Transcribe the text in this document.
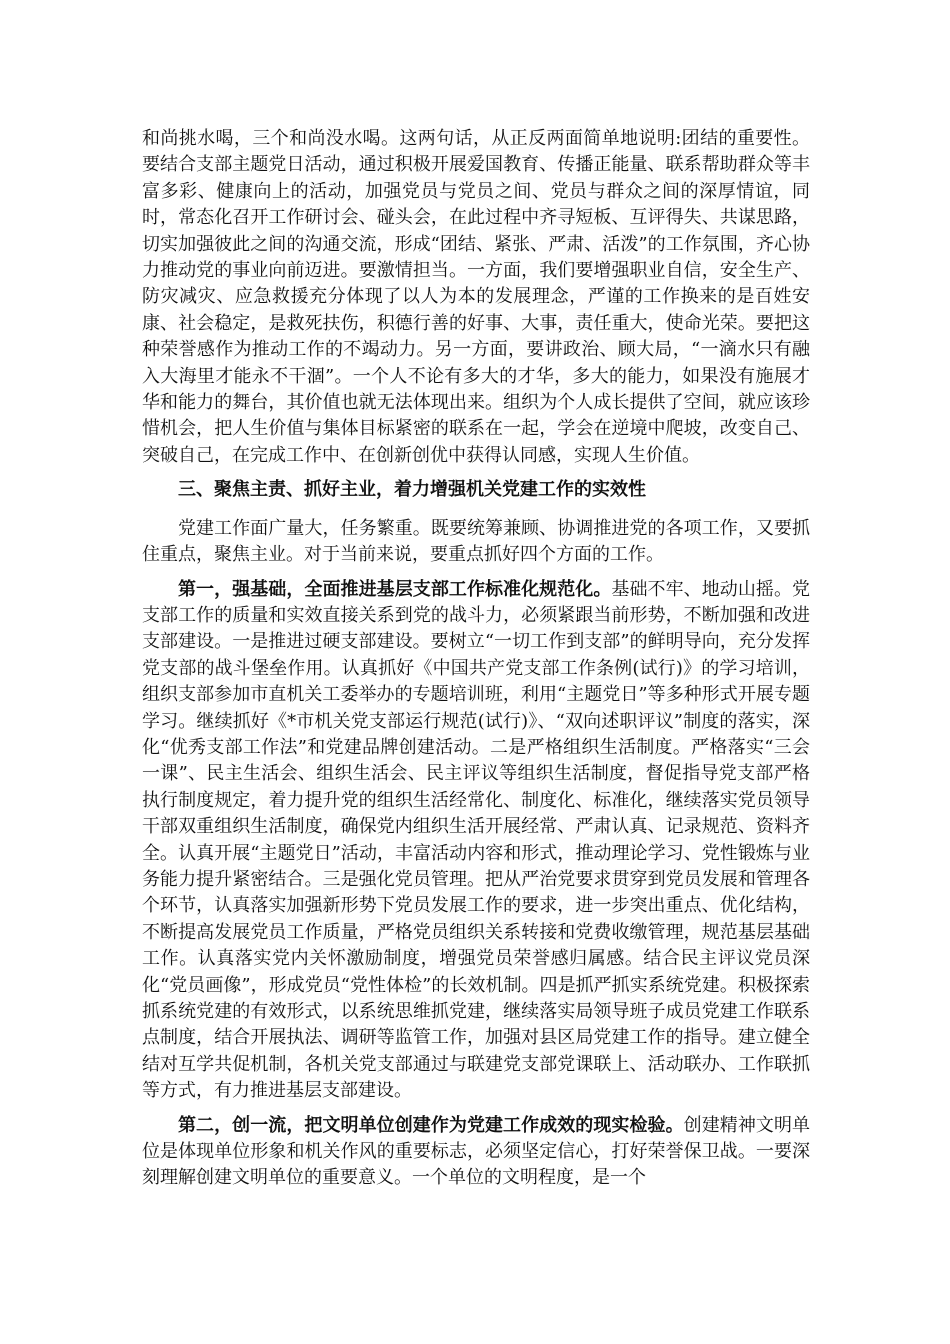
和尚挑水喝，三个和尚没水喝。这两句话，从正反两面简单地说明:团结的重要性。要结合支部主题党日活动，通过积极开展爱国教育、传播正能量、联系帮助群众等丰富多彩、健康向上的活动，加强党员与党员之间、党员与群众之间的深厚情谊，同时，常态化召开工作研讨会、碰头会，在此过程中齐寻短板、互评得失、共谋思路，切实加强彼此之间的沟通交流，形成“团结、紧张、严肃、活泼”的工作氛围，齐心协力推动党的事业向前迈进。要激情担当。一方面，我们要增强职业自信，安全生产、防灾减灾、应急救援充分体现了以人为本的发展理念，严谨的工作换来的是百姓安康、社会稳定，是救死扶伤，积德行善的好事、大事，责任重大，使命光荣。要把这种荣誉感作为推动工作的不竭动力。另一方面，要讲政治、顾大局，“一滴水只有融入大海里才能永不干涸”。一个人不论有多大的才华，多大的能力，如果没有施展才华和能力的舞台，其价值也就无法体现出来。组织为个人成长提供了空间，就应该珍惜机会，把人生价值与集体目标紧密的联系在一起，学会在逆境中爬坡，改变自己、突破自己，在完成工作中、在创新创优中获得认同感，实现人生价值。

三、聚焦主责、抓好主业，着力增强机关党建工作的实效性

党建工作面广量大，任务繁重。既要统筹兼顾、协调推进党的各项工作，又要抓住重点，聚焦主业。对于当前来说，要重点抓好四个方面的工作。

第一，强基础，全面推进基层支部工作标准化规范化。基础不牢、地动山摇。党支部工作的质量和实效直接关系到党的战斗力，必须紧跟当前形势，不断加强和改进支部建设。一是推进过硬支部建设。要树立“一切工作到支部”的鲜明导向，充分发挥党支部的战斗堡垒作用。认真抓好《中国共产党支部工作条例(试行)》的学习培训，组织支部参加市直机关工委举办的专题培训班，利用“主题党日”等多种形式开展专题学习。继续抓好《*市机关党支部运行规范(试行)》、“双向述职评议”制度的落实，深化“优秀支部工作法”和党建品牌创建活动。二是严格组织生活制度。严格落实“三会一课”、民主生活会、组织生活会、民主评议等组织生活制度，督促指导党支部严格执行制度规定，着力提升党的组织生活经常化、制度化、标准化，继续落实党员领导干部双重组织生活制度，确保党内组织生活开展经常、严肃认真、记录规范、资料齐全。认真开展“主题党日”活动，丰富活动内容和形式，推动理论学习、党性锻炼与业务能力提升紧密结合。三是强化党员管理。把从严治党要求贯穿到党员发展和管理各个环节，认真落实加强新形势下党员发展工作的要求，进一步突出重点、优化结构，不断提高发展党员工作质量，严格党员组织关系转接和党费收缴管理，规范基层基础工作。认真落实党内关怀激励制度，增强党员荣誉感归属感。结合民主评议党员深化“党员画像”，形成党员“党性体检”的长效机制。四是抓严抓实系统党建。积极探索抓系统党建的有效形式，以系统思维抓党建，继续落实局领导班子成员党建工作联系点制度，结合开展执法、调研等监管工作，加强对县区局党建工作的指导。建立健全结对互学共促机制，各机关党支部通过与联建党支部党课联上、活动联办、工作联抓等方式，有力推进基层支部建设。

第二，创一流，把文明单位创建作为党建工作成效的现实检验。创建精神文明单位是体现单位形象和机关作风的重要标志，必须坚定信心，打好荣誉保卫战。一要深刻理解创建文明单位的重要意义。一个单位的文明程度，是一个
